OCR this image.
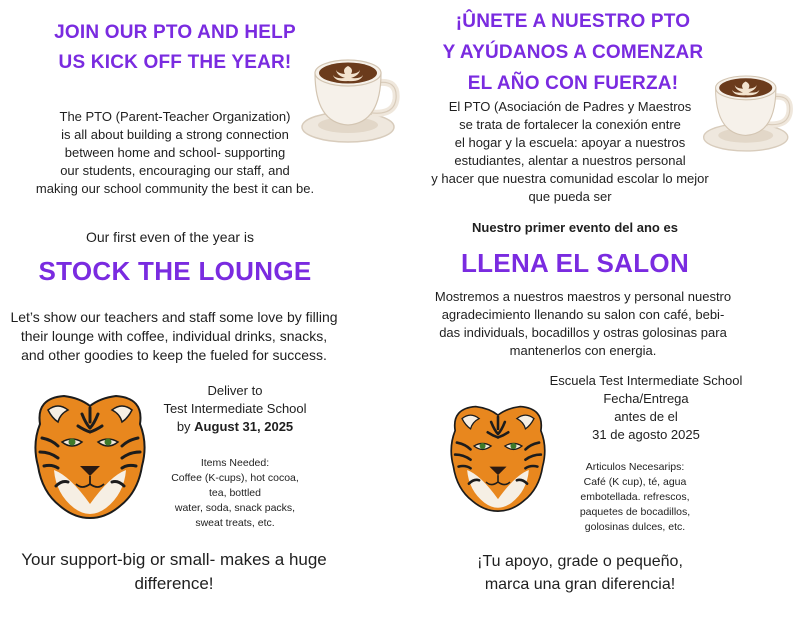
JOIN OUR PTO AND HELP
US KICK OFF THE YEAR!
The PTO (Parent-Teacher Organization)
is all about building a strong connection
between home and school- supporting
our students, encouraging our staff, and
making our school community the best it can be.
Our first even of the year is
STOCK THE LOUNGE
Let’s show our teachers and staff some love by filling
their lounge with coffee, individual drinks, snacks,
and other goodies to keep the fueled for success.
Deliver to
Test Intermediate School
by August 31, 2025
Items Needed:
Coffee (K-cups), hot cocoa,
tea, bottled
water, soda, snack packs,
sweat treats, etc.
Your support-big or small- makes a huge
difference!
¡ÛNETE A NUESTRO PTO
Y AYÚDANOS A COMENZAR
EL AÑO CON FUERZA!
El PTO (Asociación de Padres y Maestros
se trata de fortalecer la conexión entre
el hogar y la escuela: apoyar a nuestros
estudiantes, alentar a nuestros personal
y hacer que nuestra comunidad escolar lo mejor
que pueda ser
Nuestro primer evento del ano es
LLENA EL SALON
Mostremos a nuestros maestros y personal nuestro
agradecimiento llenando su salon con café, bebi-
das individuals, bocadillos y ostras golosinas para
mantenerlos con energia.
Escuela Test Intermediate School
Fecha/Entrega
antes de el
31 de agosto 2025
Articulos Necesarips:
Café (K cup), té, agua
embotellada. refrescos,
paquetes de bocadillos,
golosinas dulces, etc.
¡Tu apoyo, grade o pequeño,
marca una gran diferencia!
